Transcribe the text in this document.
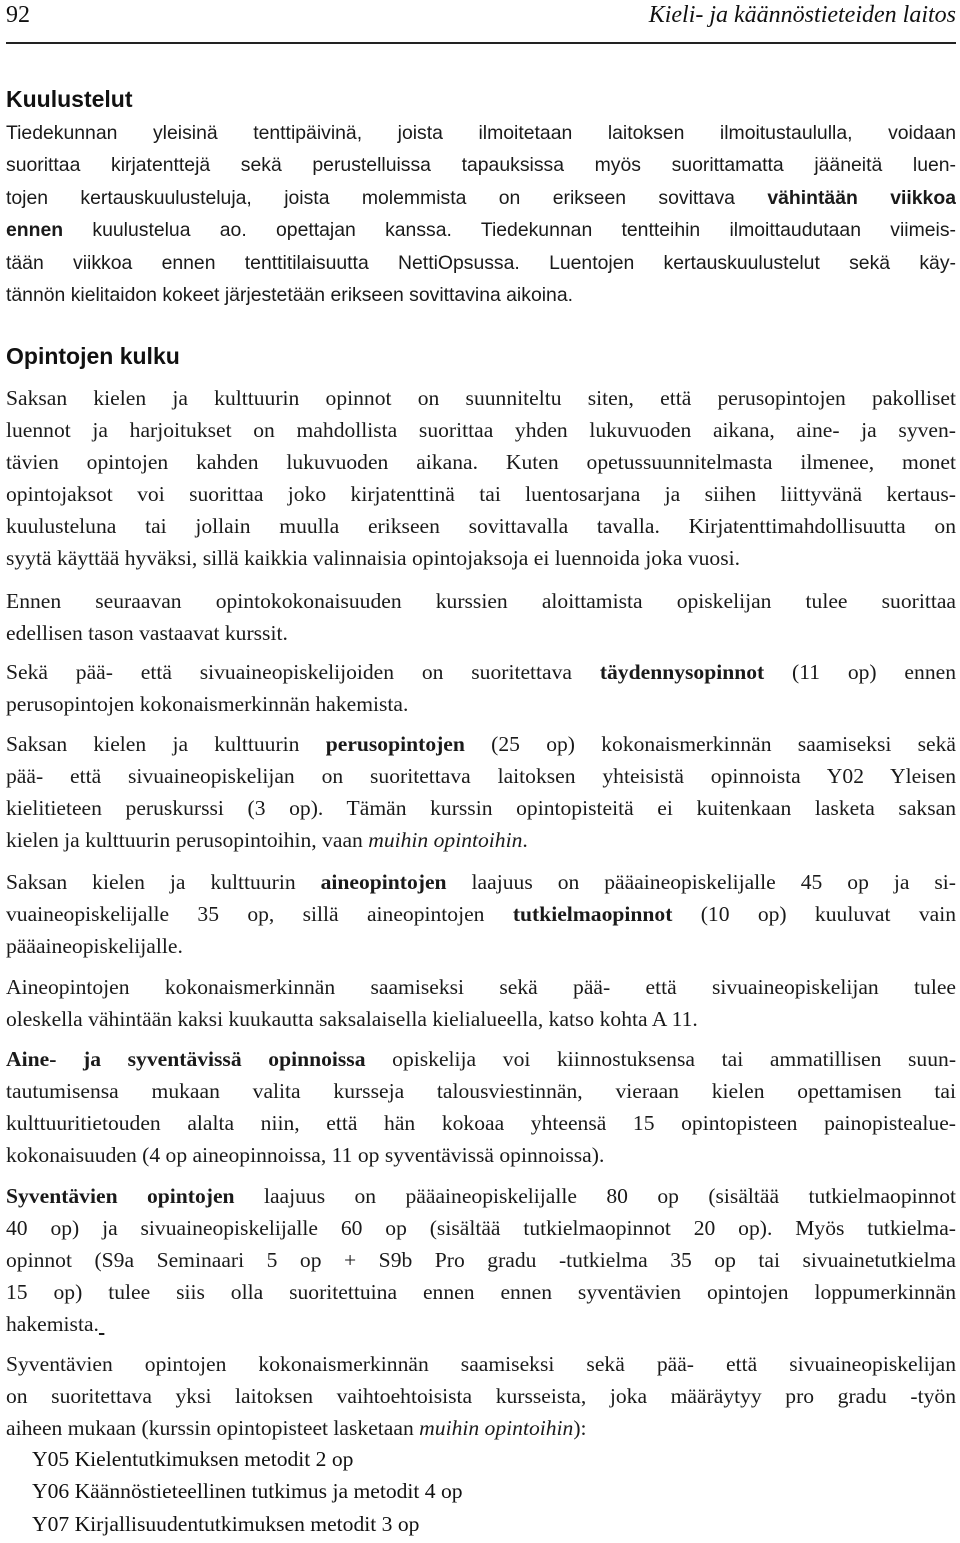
92	Kieli- ja käännöstieteiden laitos
Kuulustelut
Tiedekunnan yleisinä tenttipäivinä, joista ilmoitetaan laitoksen ilmoitustaululla, voidaan
suorittaa kirjatenttejä sekä perustelluissa tapauksissa myös suorittamatta jääneitä luen-
tojen kertauskuulusteluja, joista molemmista on erikseen sovittava vähintään viikkoa
ennen kuulustelua ao. opettajan kanssa. Tiedekunnan tentteihin ilmoittaudutaan viimeis-
tään viikkoa ennen tenttitilaisuutta NettiOpsussa. Luentojen kertauskuulustelut sekä käy-
tännön kielitaidon kokeet järjestetään erikseen sovittavina aikoina.
Opintojen kulku
Saksan kielen ja kulttuurin opinnot on suunniteltu siten, että perusopintojen pakolliset
luennot ja harjoitukset on mahdollista suorittaa yhden lukuvuoden aikana, aine- ja syven-
tävien opintojen kahden lukuvuoden aikana. Kuten opetussuunnitelmasta ilmenee, monet
opintojaksot voi suorittaa joko kirjatenttinä tai luentosarjana ja siihen liittyvänä kertaus-
kuulusteluna tai jollain muulla erikseen sovittavalla tavalla. Kirjatenttimahdollisuutta on
syytä käyttää hyväksi, sillä kaikkia valinnaisia opintojaksoja ei luennoida joka vuosi.
Ennen seuraavan opintokokonaisuuden kurssien aloittamista opiskelijan tulee suorittaa
edellisen tason vastaavat kurssit.
Sekä pää- että sivuaineopiskelijoiden on suoritettava täydennysopinnot (11 op) ennen
perusopintojen kokonaismerkinnän hakemista.
Saksan kielen ja kulttuurin perusopintojen (25 op) kokonaismerkinnän saamiseksi sekä
pää- että sivuaineopiskelijan on suoritettava laitoksen yhteisistä opinnoista Y02 Yleisen
kielitieteen peruskurssi (3 op). Tämän kurssin opintopisteitä ei kuitenkaan lasketa saksan
kielen ja kulttuurin perusopintoihin, vaan muihin opintoihin.
Saksan kielen ja kulttuurin aineopintojen laajuus on pääaineopiskelijalle 45 op ja si-
vuaineopiskelijalle 35 op, sillä aineopintojen tutkielmaopinnot (10 op) kuuluvat vain
pääaineopiskelijalle.
Aineopintojen kokonaismerkinnän saamiseksi sekä pää- että sivuaineopiskelijan tulee
oleskella vähintään kaksi kuukautta saksalaisella kielialueella, katso kohta A 11.
Aine- ja syventävissä opinnoissa opiskelija voi kiinnostuksensa tai ammatillisen suun-
tautumisensa mukaan valita kursseja talousviestinnän, vieraan kielen opettamisen tai
kulttuuritietouden alalta niin, että hän kokoaa yhteensä 15 opintopisteen painopistealue-
kokonaisuuden (4 op aineopinnoissa, 11 op syventävissä opinnoissa).
Syventävien opintojen laajuus on pääaineopiskelijalle 80 op (sisältää tutkielmaopinnot
40 op) ja sivuaineopiskelijalle 60 op (sisältää tutkielmaopinnot 20 op). Myös tutkielma-
opinnot (S9a Seminaari 5 op + S9b Pro gradu -tutkielma 35 op tai sivuainetutkielma
15 op) tulee siis olla suoritettuina ennen ennen syventävien opintojen loppumerkinnän
hakemista.
Syventävien opintojen kokonaismerkinnän saamiseksi sekä pää- että sivuaineopiskelijan
on suoritettava yksi laitoksen vaihtoehtoisista kursseista, joka määräytyy pro gradu -työn
aiheen mukaan (kurssin opintopisteet lasketaan muihin opintoihin):
Y05 Kielentutkimuksen metodit 2 op
Y06 Käännöstieteellinen tutkimus ja metodit 4 op
Y07 Kirjallisuudentutkimuksen metodit 3 op
